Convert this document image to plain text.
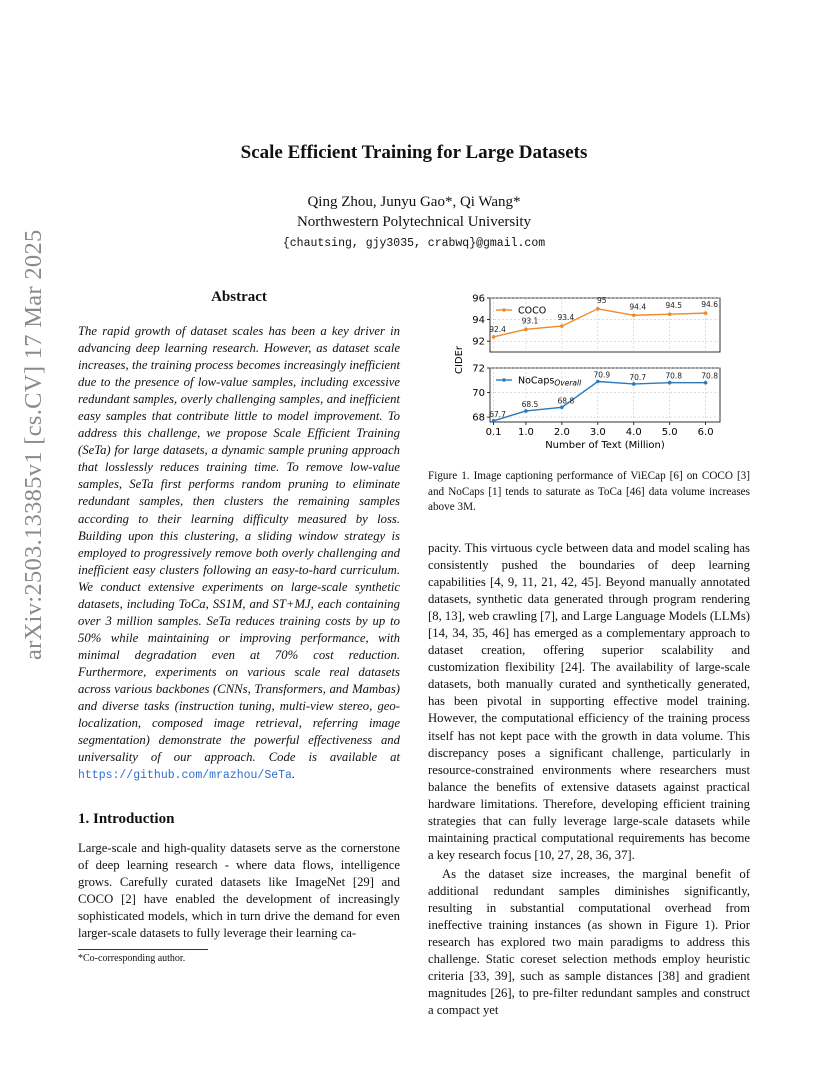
arXiv:2503.13385v1 [cs.CV] 17 Mar 2025
Scale Efficient Training for Large Datasets
Qing Zhou, Junyu Gao*, Qi Wang*
Northwestern Polytechnical University
{chautsing, gjy3035, crabwq}@gmail.com
Abstract
The rapid growth of dataset scales has been a key driver in advancing deep learning research. However, as dataset scale increases, the training process becomes increasingly inefficient due to the presence of low-value samples, including excessive redundant samples, overly challenging samples, and inefficient easy samples that contribute little to model improvement. To address this challenge, we propose Scale Efficient Training (SeTa) for large datasets, a dynamic sample pruning approach that losslessly reduces training time. To remove low-value samples, SeTa first performs random pruning to eliminate redundant samples, then clusters the remaining samples according to their learning difficulty measured by loss. Building upon this clustering, a sliding window strategy is employed to progressively remove both overly challenging and inefficient easy clusters following an easy-to-hard curriculum. We conduct extensive experiments on large-scale synthetic datasets, including ToCa, SS1M, and ST+MJ, each containing over 3 million samples. SeTa reduces training costs by up to 50% while maintaining or improving performance, with minimal degradation even at 70% cost reduction. Furthermore, experiments on various scale real datasets across various backbones (CNNs, Transformers, and Mambas) and diverse tasks (instruction tuning, multi-view stereo, geo-localization, composed image retrieval, referring image segmentation) demonstrate the powerful effectiveness and universality of our approach. Code is available at https://github.com/mrazhou/SeTa.
1. Introduction
Large-scale and high-quality datasets serve as the cornerstone of deep learning research - where data flows, intelligence grows. Carefully curated datasets like ImageNet [29] and COCO [2] have enabled the development of increasingly sophisticated models, which in turn drive the demand for even larger-scale datasets to fully leverage their learning ca-
*Co-corresponding author.
92
94
96
92.4
93.1	93.4
95
94.4	94.5	94.6
COCO
68
70
72
67.7
68.5	68.8
70.9	70.7	70.8	70.8
NoCaps$_{Overall}$
0.1 1.0 2.0 3.0 4.0 5.0 6.0
Number of Text (Million)
CIDEr
Figure 1. Image captioning performance of ViECap [6] on COCO [3] and NoCaps [1] tends to saturate as ToCa [46] data volume increases above 3M.

pacity. This virtuous cycle between data and model scaling has consistently pushed the boundaries of deep learning capabilities [4, 9, 11, 21, 42, 45]. Beyond manually annotated datasets, synthetic data generated through program rendering [8, 13], web crawling [7], and Large Language Models (LLMs) [14, 34, 35, 46] has emerged as a complementary approach to dataset creation, offering superior scalability and customization flexibility [24]. The availability of large-scale datasets, both manually curated and synthetically generated, has been pivotal in supporting effective model training. However, the computational efficiency of the training process itself has not kept pace with the growth in data volume. This discrepancy poses a significant challenge, particularly in resource-constrained environments where researchers must balance the benefits of extensive datasets against practical hardware limitations. Therefore, developing efficient training strategies that can fully leverage large-scale datasets while maintaining practical computational requirements has become a key research focus [10, 27, 28, 36, 37].

As the dataset size increases, the marginal benefit of additional redundant samples diminishes significantly, resulting in substantial computational overhead from ineffective training instances (as shown in Figure 1). Prior research has explored two main paradigms to address this challenge. Static coreset selection methods employ heuristic criteria [33, 39], such as sample distances [38] and gradient magnitudes [26], to pre-filter redundant samples and construct a compact yet
